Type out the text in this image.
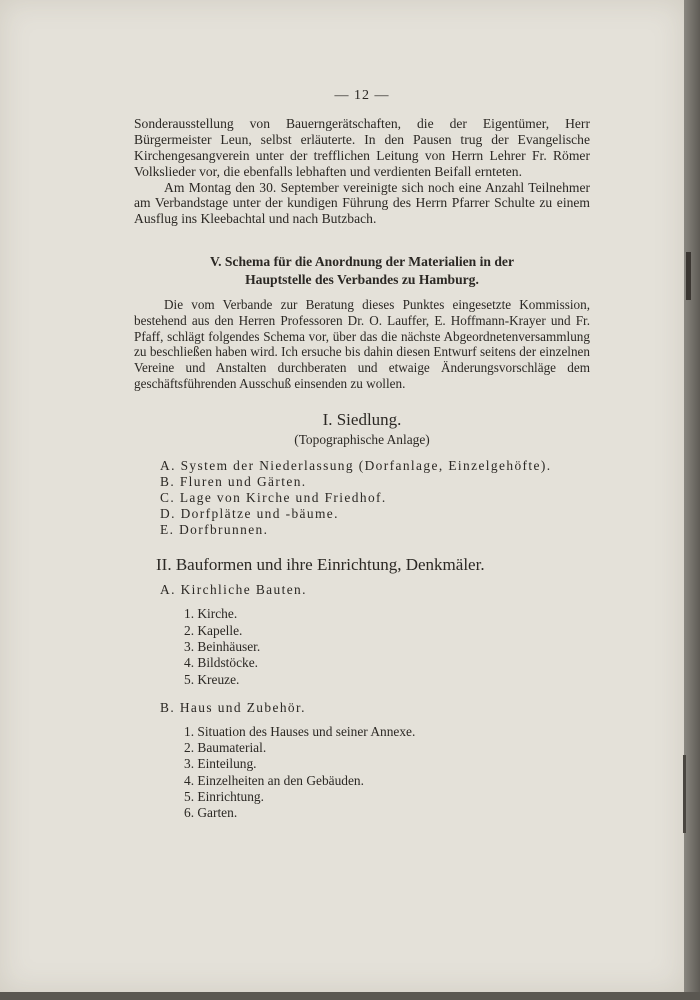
— 12 —

Sonderausstellung von Bauerngerätschaften, die der Eigentümer, Herr Bürgermeister Leun, selbst erläuterte. In den Pausen trug der Evangelische Kirchengesangverein unter der trefflichen Leitung von Herrn Lehrer Fr. Römer Volkslieder vor, die ebenfalls lebhaften und verdienten Beifall ernteten.

Am Montag den 30. September vereinigte sich noch eine Anzahl Teilnehmer am Verbandstage unter der kundigen Führung des Herrn Pfarrer Schulte zu einem Ausflug ins Kleebachtal und nach Butzbach.

V. Schema für die Anordnung der Materialien in der
Hauptstelle des Verbandes zu Hamburg.

Die vom Verbande zur Beratung dieses Punktes eingesetzte Kommission, bestehend aus den Herren Professoren Dr. O. Lauffer, E. Hoffmann-Krayer und Fr. Pfaff, schlägt folgendes Schema vor, über das die nächste Abgeordnetenversammlung zu beschließen haben wird. Ich ersuche bis dahin diesen Entwurf seitens der einzelnen Vereine und Anstalten durchberaten und etwaige Änderungsvorschläge dem geschäftsführenden Ausschuß einsenden zu wollen.

I. Siedlung.
(Topographische Anlage)
A. System der Niederlassung (Dorfanlage, Einzelgehöfte).
B. Fluren und Gärten.
C. Lage von Kirche und Friedhof.
D. Dorfplätze und -bäume.
E. Dorfbrunnen.
II. Bauformen und ihre Einrichtung, Denkmäler.
A. Kirchliche Bauten.
1. Kirche.
2. Kapelle.
3. Beinhäuser.
4. Bildstöcke.
5. Kreuze.
B. Haus und Zubehör.
1. Situation des Hauses und seiner Annexe.
2. Baumaterial.
3. Einteilung.
4. Einzelheiten an den Gebäuden.
5. Einrichtung.
6. Garten.
